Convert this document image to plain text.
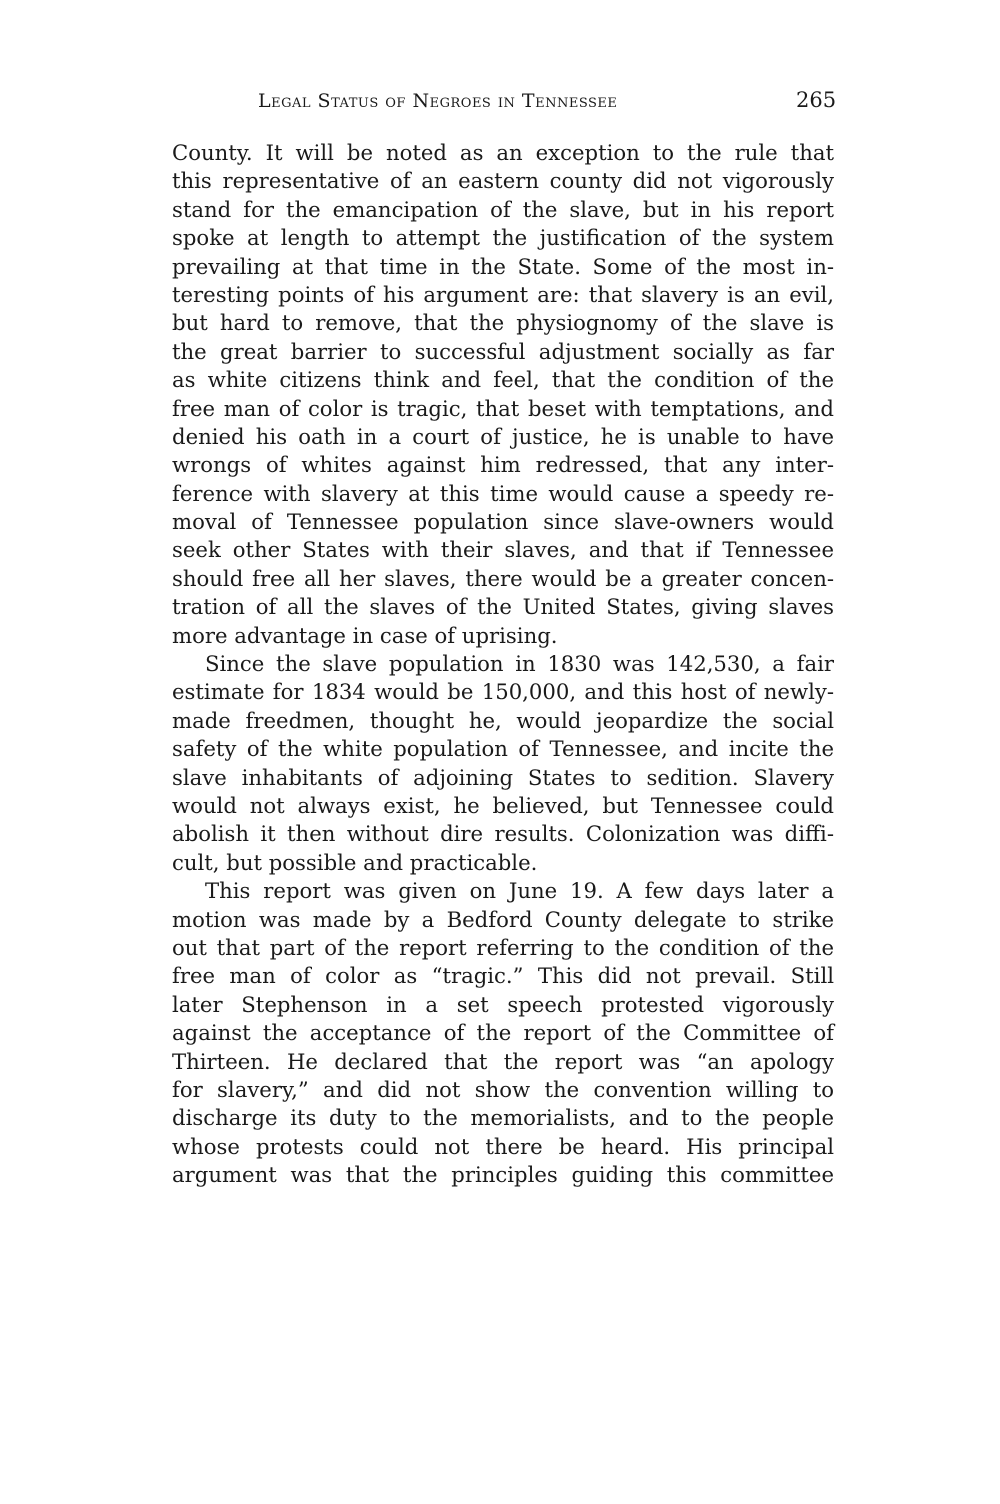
Legal Status of Negroes in Tennessee	265
County. It will be noted as an exception to the rule that
this representative of an eastern county did not vigorously
stand for the emancipation of the slave, but in his report
spoke at length to attempt the justification of the system
prevailing at that time in the State. Some of the most in-
teresting points of his argument are: that slavery is an evil,
but hard to remove, that the physiognomy of the slave is
the great barrier to successful adjustment socially as far
as white citizens think and feel, that the condition of the
free man of color is tragic, that beset with temptations, and
denied his oath in a court of justice, he is unable to have
wrongs of whites against him redressed, that any inter-
ference with slavery at this time would cause a speedy re-
moval of Tennessee population since slave-owners would
seek other States with their slaves, and that if Tennessee
should free all her slaves, there would be a greater concen-
tration of all the slaves of the United States, giving slaves
more advantage in case of uprising.
Since the slave population in 1830 was 142,530, a fair
estimate for 1834 would be 150,000, and this host of newly-
made freedmen, thought he, would jeopardize the social
safety of the white population of Tennessee, and incite the
slave inhabitants of adjoining States to sedition. Slavery
would not always exist, he believed, but Tennessee could
abolish it then without dire results. Colonization was diffi-
cult, but possible and practicable.
This report was given on June 19. A few days later a
motion was made by a Bedford County delegate to strike
out that part of the report referring to the condition of the
free man of color as “tragic.” This did not prevail. Still
later Stephenson in a set speech protested vigorously
against the acceptance of the report of the Committee of
Thirteen. He declared that the report was “an apology
for slavery,” and did not show the convention willing to
discharge its duty to the memorialists, and to the people
whose protests could not there be heard. His principal
argument was that the principles guiding this committee
